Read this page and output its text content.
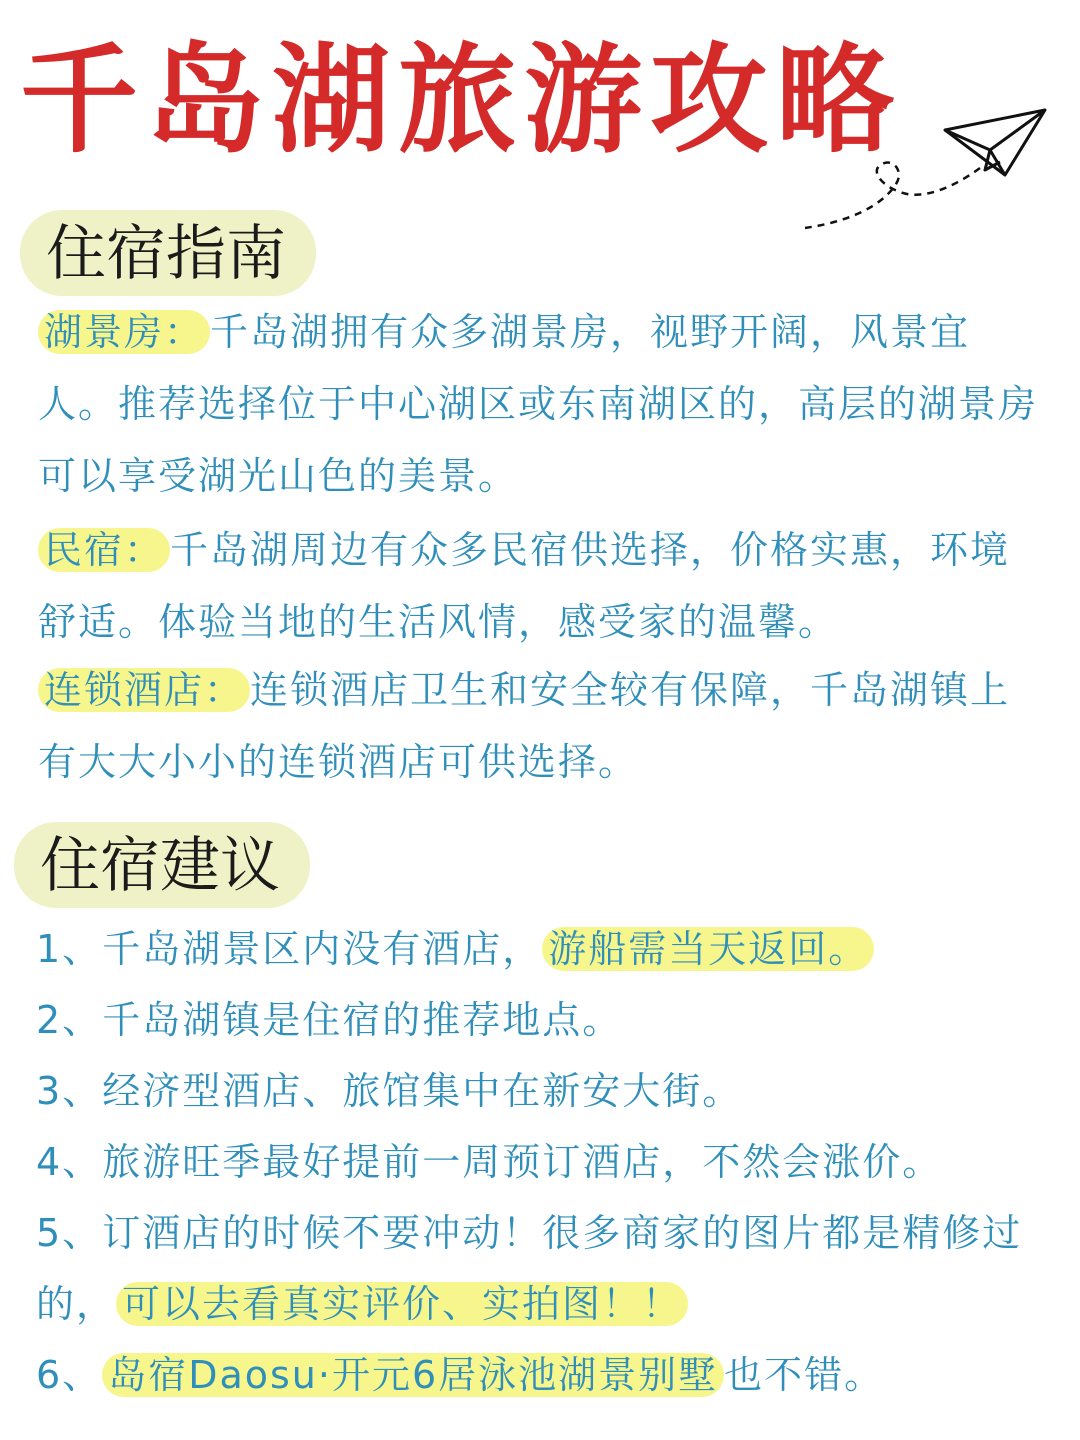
千岛湖旅游攻略
住宿指南
湖景房： 千岛湖拥有众多湖景房，视野开阔，风景宜人。推荐选择位于中心湖区或东南湖区的，高层的湖景房可以享受湖光山色的美景。
民宿： 千岛湖周边有众多民宿供选择，价格实惠，环境舒适。体验当地的生活风情，感受家的温馨。
连锁酒店： 连锁酒店卫生和安全较有保障，千岛湖镇上有大大小小的连锁酒店可供选择。
住宿建议
1、千岛湖景区内没有酒店， 游船需当天返回。
2、千岛湖镇是住宿的推荐地点。
3、经济型酒店、旅馆集中在新安大街。
4、旅游旺季最好提前一周预订酒店，不然会涨价。
5、订酒店的时候不要冲动！很多商家的图片都是精修过的， 可以去看真实评价、实拍图！！
6、 岛宿Daosu·开元6居泳池湖景别墅 也不错。
